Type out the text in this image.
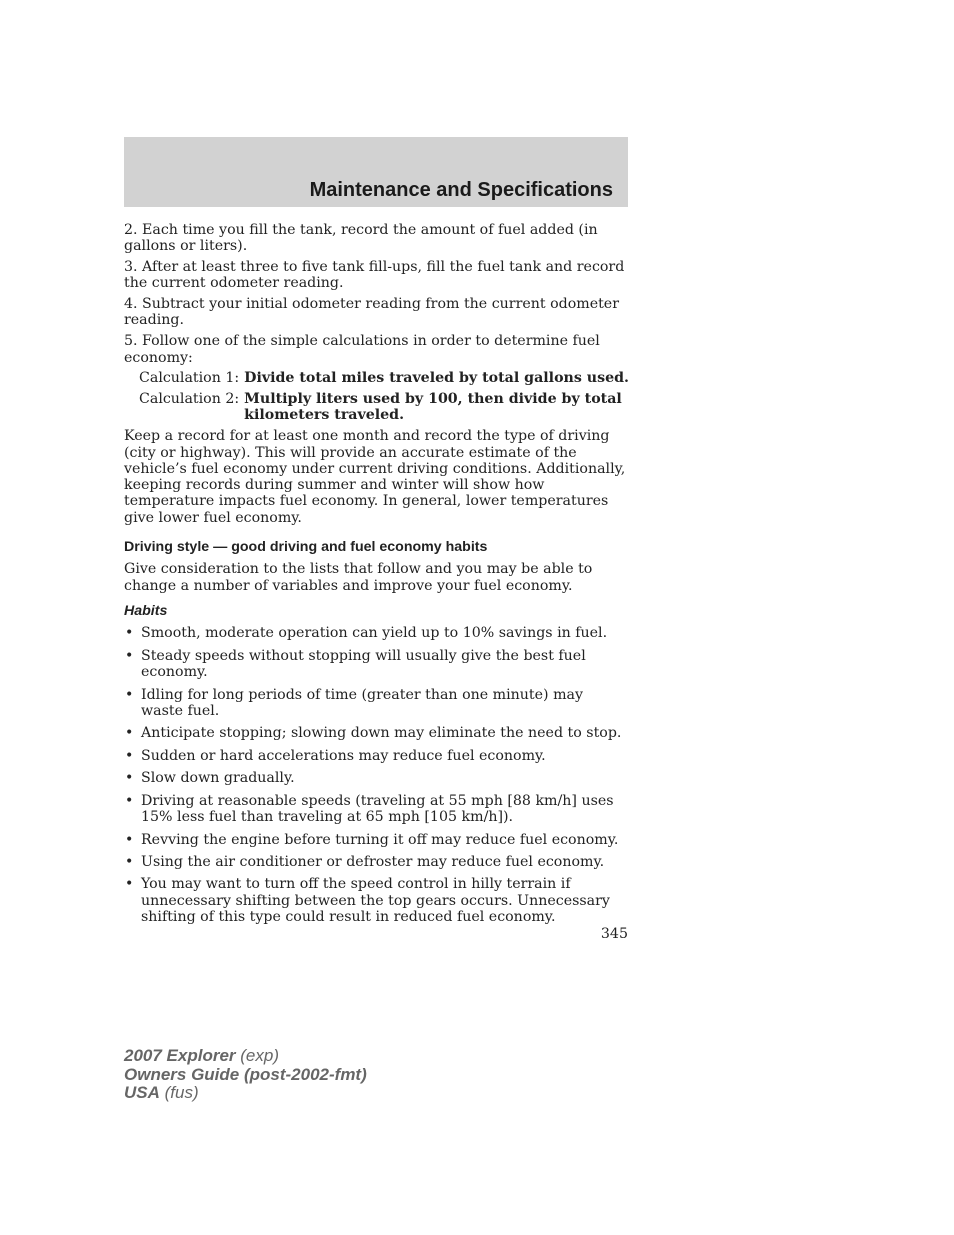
Maintenance and Specifications

2. Each time you fill the tank, record the amount of fuel added (in gallons or liters).

3. After at least three to five tank fill-ups, fill the fuel tank and record the current odometer reading.

4. Subtract your initial odometer reading from the current odometer reading.

5. Follow one of the simple calculations in order to determine fuel economy:

Calculation 1: Divide total miles traveled by total gallons used.
Calculation 2: Multiply liters used by 100, then divide by total kilometers traveled.

Keep a record for at least one month and record the type of driving (city or highway). This will provide an accurate estimate of the vehicle’s fuel economy under current driving conditions. Additionally, keeping records during summer and winter will show how temperature impacts fuel economy. In general, lower temperatures give lower fuel economy.

Driving style — good driving and fuel economy habits

Give consideration to the lists that follow and you may be able to change a number of variables and improve your fuel economy.

Habits
• Smooth, moderate operation can yield up to 10% savings in fuel.
• Steady speeds without stopping will usually give the best fuel economy.
• Idling for long periods of time (greater than one minute) may waste fuel.
• Anticipate stopping; slowing down may eliminate the need to stop.
• Sudden or hard accelerations may reduce fuel economy.
• Slow down gradually.
• Driving at reasonable speeds (traveling at 55 mph [88 km/h] uses 15% less fuel than traveling at 65 mph [105 km/h]).
• Revving the engine before turning it off may reduce fuel economy.
• Using the air conditioner or defroster may reduce fuel economy.
• You may want to turn off the speed control in hilly terrain if unnecessary shifting between the top gears occurs. Unnecessary shifting of this type could result in reduced fuel economy.
345
2007 Explorer (exp)
Owners Guide (post-2002-fmt)
USA (fus)
